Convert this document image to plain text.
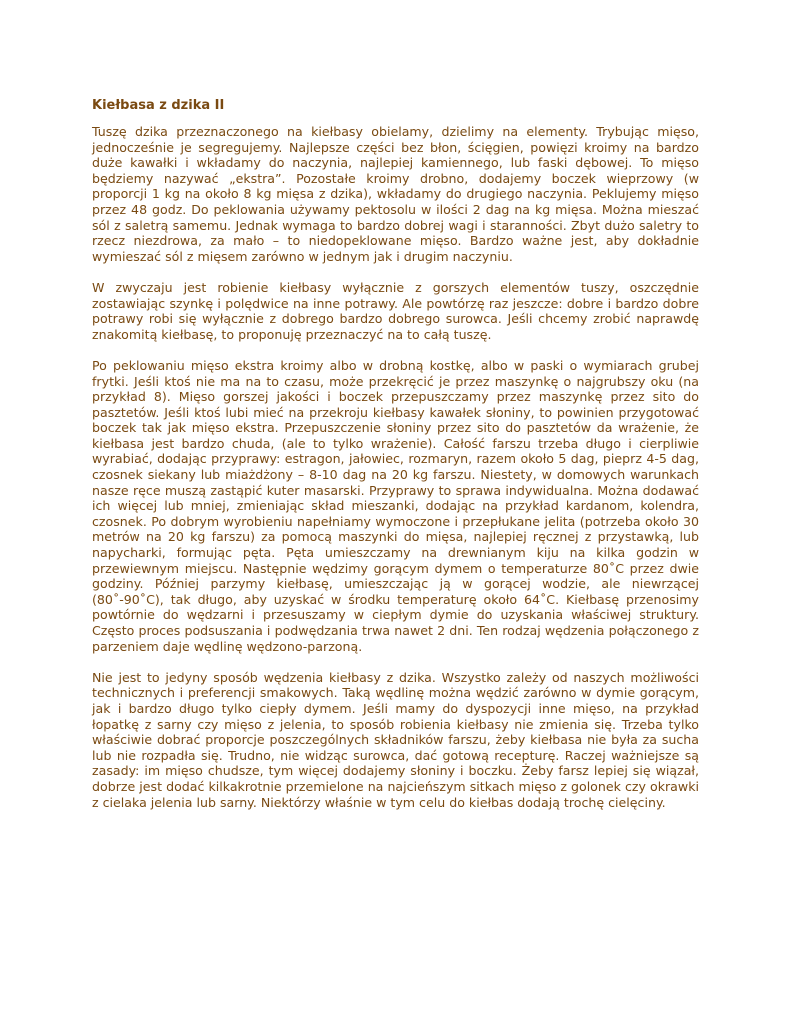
Kiełbasa z dzika II

Tuszę dzika przeznaczonego na kiełbasy obielamy, dzielimy na elementy. Trybując mięso, jednocześnie je segregujemy. Najlepsze części bez błon, ścięgien, powięzi kroimy na bardzo duże kawałki i wkładamy do naczynia, najlepiej kamiennego, lub faski dębowej. To mięso będziemy nazywać „ekstra”. Pozostałe kroimy drobno, dodajemy boczek wieprzowy (w proporcji 1 kg na około 8 kg mięsa z dzika), wkładamy do drugiego naczynia. Peklujemy mięso przez 48 godz. Do peklowania używamy pektosolu w ilości 2 dag na kg mięsa. Można mieszać sól z saletrą samemu. Jednak wymaga to bardzo dobrej wagi i staranności. Zbyt dużo saletry to rzecz niezdrowa, za mało – to niedopeklowane mięso. Bardzo ważne jest, aby dokładnie wymieszać sól z mięsem zarówno w jednym jak i drugim naczyniu.

W zwyczaju jest robienie kiełbasy wyłącznie z gorszych elementów tuszy, oszczędnie zostawiając szynkę i polędwice na inne potrawy. Ale powtórzę raz jeszcze: dobre i bardzo dobre potrawy robi się wyłącznie z dobrego bardzo dobrego surowca. Jeśli chcemy zrobić naprawdę znakomitą kiełbasę, to proponuję przeznaczyć na to całą tuszę.

Po peklowaniu mięso ekstra kroimy albo w drobną kostkę, albo w paski o wymiarach grubej frytki. Jeśli ktoś nie ma na to czasu, może przekręcić je przez maszynkę o najgrubszy oku (na przykład 8). Mięso gorszej jakości i boczek przepuszczamy przez maszynkę przez sito do pasztetów. Jeśli ktoś lubi mieć na przekroju kiełbasy kawałek słoniny, to powinien przygotować boczek tak jak mięso ekstra. Przepuszczenie słoniny przez sito do pasztetów da wrażenie, że kiełbasa jest bardzo chuda, (ale to tylko wrażenie). Całość farszu trzeba długo i cierpliwie wyrabiać, dodając przyprawy: estragon, jałowiec, rozmaryn, razem około 5 dag, pieprz 4-5 dag, czosnek siekany lub miażdżony – 8-10 dag na 20 kg farszu. Niestety, w domowych warunkach nasze ręce muszą zastąpić kuter masarski. Przyprawy to sprawa indywidualna. Można dodawać ich więcej lub mniej, zmieniając skład mieszanki, dodając na przykład kardanom, kolendra, czosnek. Po dobrym wyrobieniu napełniamy wymoczone i przepłukane jelita (potrzeba około 30 metrów na 20 kg farszu) za pomocą maszynki do mięsa, najlepiej ręcznej z przystawką, lub napycharki, formując pęta. Pęta umieszczamy na drewnianym kiju na kilka godzin w przewiewnym miejscu. Następnie wędzimy gorącym dymem o temperaturze 80˚C przez dwie godziny. Później parzymy kiełbasę, umieszczając ją w gorącej wodzie, ale niewrzącej (80˚-90˚C), tak długo, aby uzyskać w środku temperaturę około 64˚C. Kiełbasę przenosimy powtórnie do wędzarni i przesuszamy w ciepłym dymie do uzyskania właściwej struktury. Często proces podsuszania i podwędzania trwa nawet 2 dni. Ten rodzaj wędzenia połączonego z parzeniem daje wędlinę wędzono-parzoną.

Nie jest to jedyny sposób wędzenia kiełbasy z dzika. Wszystko zależy od naszych możliwości technicznych i preferencji smakowych. Taką wędlinę można wędzić zarówno w dymie gorącym, jak i bardzo długo tylko ciepły dymem. Jeśli mamy do dyspozycji inne mięso, na przykład łopatkę z sarny czy mięso z jelenia, to sposób robienia kiełbasy nie zmienia się. Trzeba tylko właściwie dobrać proporcje poszczególnych składników farszu, żeby kiełbasa nie była za sucha lub nie rozpadła się. Trudno, nie widząc surowca, dać gotową recepturę. Raczej ważniejsze są zasady: im mięso chudsze, tym więcej dodajemy słoniny i boczku. Żeby farsz lepiej się wiązał, dobrze jest dodać kilkakrotnie przemielone na najcieńszym sitkach mięso z golonek czy okrawki z cielaka jelenia lub sarny. Niektórzy właśnie w tym celu do kiełbas dodają trochę cielęciny.
